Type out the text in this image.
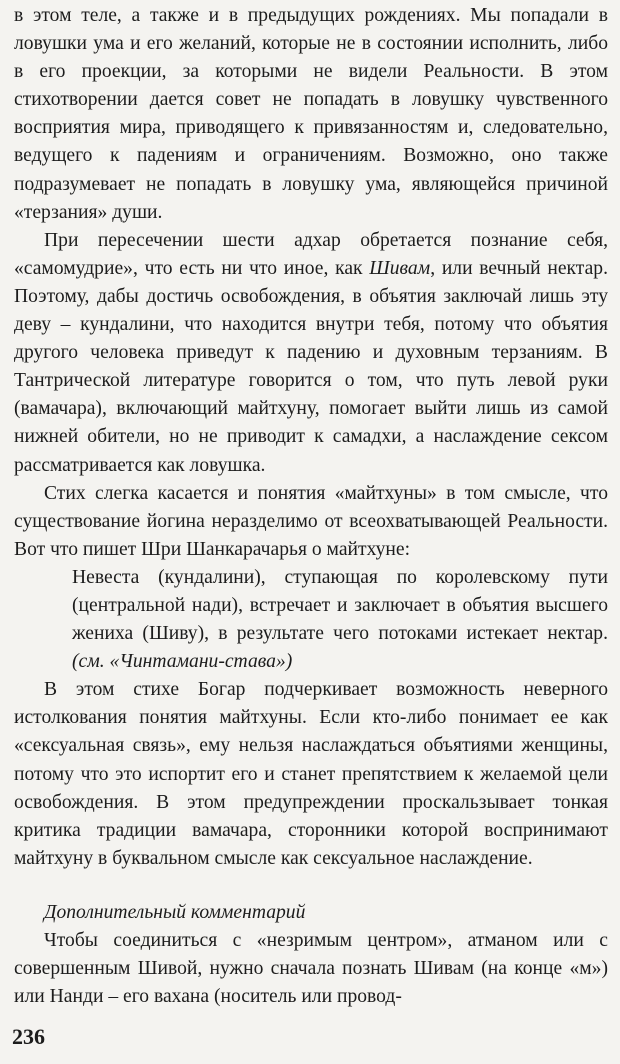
в этом теле, а также и в предыдущих рождениях. Мы попадали в ловушки ума и его желаний, которые не в состоянии исполнить, либо в его проекции, за которыми не видели Реальности. В этом стихотворении дается совет не попадать в ловушку чувственного восприятия мира, приводящего к привязанностям и, следовательно, ведущего к падениям и ограничениям. Возможно, оно также подразумевает не попадать в ловушку ума, являющейся причиной «терзания» души.

При пересечении шести адхар обретается познание себя, «самомудрие», что есть ни что иное, как Шивам, или вечный нектар. Поэтому, дабы достичь освобождения, в объятия заключай лишь эту деву – кундалини, что находится внутри тебя, потому что объятия другого человека приведут к падению и духовным терзаниям. В Тантрической литературе говорится о том, что путь левой руки (вамачара), включающий майтхуну, помогает выйти лишь из самой нижней обители, но не приводит к самадхи, а наслаждение сексом рассматривается как ловушка.

Стих слегка касается и понятия «майтхуны» в том смысле, что существование йогина неразделимо от всеохватывающей Реальности. Вот что пишет Шри Шанкарачарья о майтхуне:

Невеста (кундалини), ступающая по королевскому пути (центральной нади), встречает и заключает в объятия высшего жениха (Шиву), в результате чего потоками истекает нектар. (см. «Чинтамани-става»)

В этом стихе Богар подчеркивает возможность неверного истолкования понятия майтхуны. Если кто-либо понимает ее как «сексуальная связь», ему нельзя наслаждаться объятиями женщины, потому что это испортит его и станет препятствием к желаемой цели освобождения. В этом предупреждении проскальзывает тонкая критика традиции вамачара, сторонники которой воспринимают майтхуну в буквальном смысле как сексуальное наслаждение.

Дополнительный комментарий

Чтобы соединиться с «незримым центром», атманом или с совершенным Шивой, нужно сначала познать Шивам (на конце «м») или Нанди – его вахана (носитель или провод-

236
